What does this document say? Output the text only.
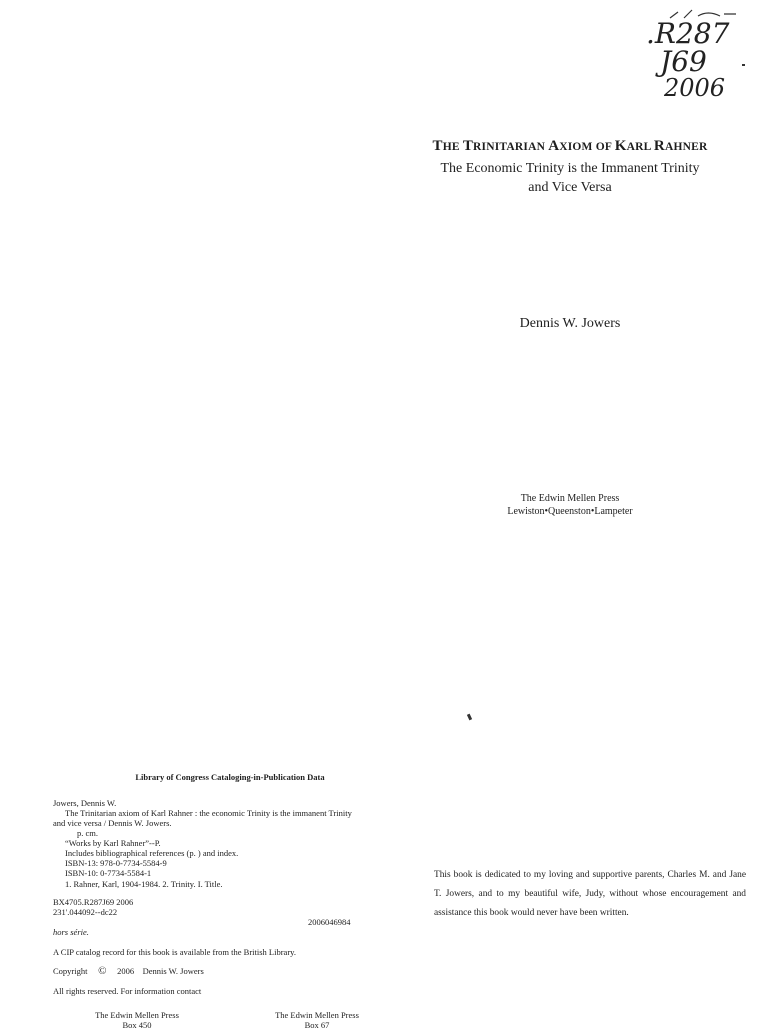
.R287
J69
2006
THE TRINITARIAN AXIOM OF KARL RAHNER
The Economic Trinity is the Immanent Trinity
and Vice Versa
Dennis W. Jowers
The Edwin Mellen Press
Lewiston•Queenston•Lampeter
Library of Congress Cataloging-in-Publication Data
Jowers, Dennis W.
The Trinitarian axiom of Karl Rahner : the economic Trinity is the immanent Trinity
and vice versa / Dennis W. Jowers.
p. cm.
“Works by Karl Rahner”--P.
Includes bibliographical references (p. ) and index.
ISBN-13: 978-0-7734-5584-9
ISBN-10: 0-7734-5584-1
1. Rahner, Karl, 1904-1984. 2. Trinity. I. Title.
BX4705.R287J69 2006
231'.044092--dc22
2006046984
hors série.
A CIP catalog record for this book is available from the British Library.
Copyright © 2006 Dennis W. Jowers
All rights reserved. For information contact
The Edwin Mellen Press
Box 450
The Edwin Mellen Press
Box 67
This book is dedicated to my loving and supportive parents, Charles M. and Jane T. Jowers, and to my beautiful wife, Judy, without whose encouragement and assistance this book would never have been written.
